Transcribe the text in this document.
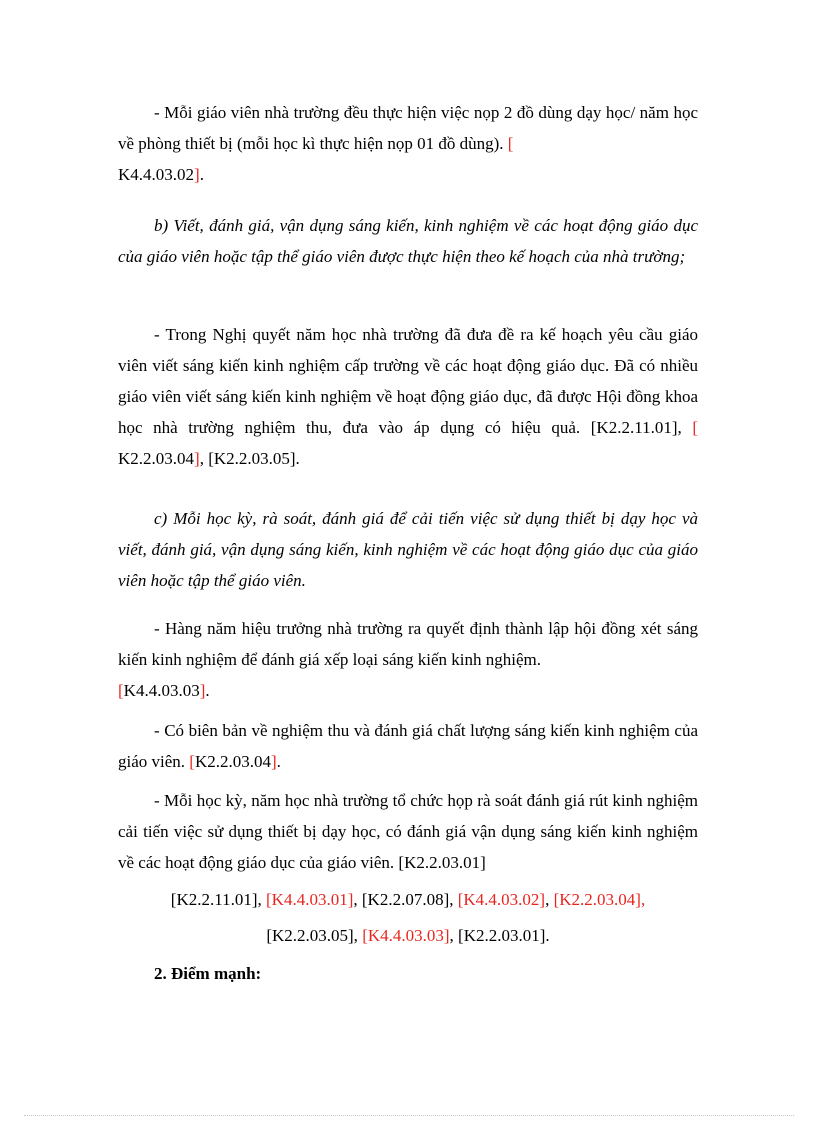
- Mỗi giáo viên nhà trường đều thực hiện việc nọp 2 đồ dùng dạy học/ năm học về phòng thiết bị (mỗi học kì thực hiện nọp 01 đồ dùng). [
K4.4.03.02].

b) Viết, đánh giá, vận dụng sáng kiến, kinh nghiệm về các hoạt động giáo dục của giáo viên hoặc tập thể giáo viên được thực hiện theo kế hoạch của nhà trường;

- Trong Nghị quyết năm học nhà trường đã đưa đề ra kế hoạch yêu cầu giáo viên viết sáng kiến kinh nghiệm cấp trường về các hoạt động giáo dục. Đã có nhiều giáo viên viết sáng kiến kinh nghiệm về hoạt động giáo dục, đã được Hội đồng khoa học nhà trường nghiệm thu, đưa vào áp dụng có hiệu quả. [K2.2.11.01], [ K2.2.03.04], [K2.2.03.05].

c) Mỗi học kỳ, rà soát, đánh giá để cải tiến việc sử dụng thiết bị dạy học và viết, đánh giá, vận dụng sáng kiến, kinh nghiệm về các hoạt động giáo dục của giáo viên hoặc tập thể giáo viên.

- Hàng năm hiệu trưởng nhà trường ra quyết định thành lập hội đồng xét sáng kiến kinh nghiệm để đánh giá xếp loại sáng kiến kinh nghiệm.
[K4.4.03.03].

- Có biên bản về nghiệm thu và đánh giá chất lượng sáng kiến kinh nghiệm của giáo viên. [K2.2.03.04].

- Mỗi học kỳ, năm học nhà trường tổ chức họp rà soát đánh giá rút kinh nghiệm cải tiến việc sử dụng thiết bị dạy học, có đánh giá vận dụng sáng kiến kinh nghiệm về các hoạt động giáo dục của giáo viên. [K2.2.03.01]

[K2.2.11.01], [K4.4.03.01], [K2.2.07.08], [K4.4.03.02], [K2.2.03.04],

[K2.2.03.05], [K4.4.03.03], [K2.2.03.01].

2. Điểm mạnh:
